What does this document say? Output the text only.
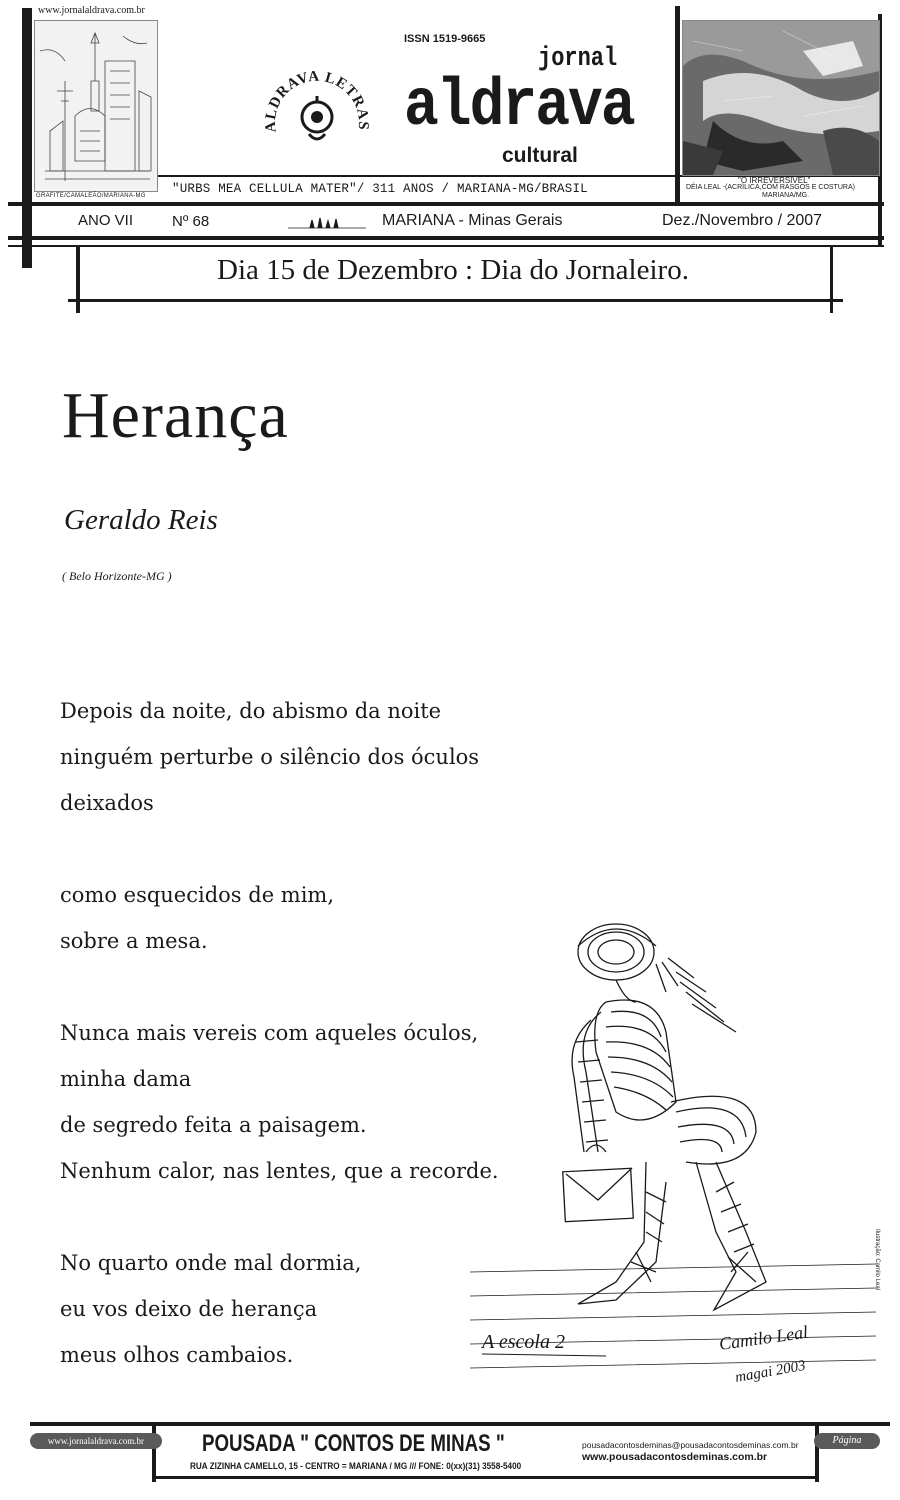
www.jornalaldrava.com.br
GRAFITE/CAMALEÃO/MARIANA-MG
ISSN 1519-9665
ALDRAVA LETRAS
jornal
aldrava
cultural
"O IRREVERSÍVEL"
DÉIA LEAL -(ACRÍLICA,COM RASGOS E COSTURA)
MARIANA/MG.
"URBS MEA CELLULA MATER"/ 311 ANOS / MARIANA-MG/BRASIL
ANO VII	Nº 68	MARIANA - Minas Gerais	Dez./Novembro / 2007
Dia 15 de Dezembro : Dia do Jornaleiro.
Herança
Geraldo Reis
( Belo Horizonte-MG )
Depois da noite, do abismo da noite
ninguém perturbe o silêncio dos óculos
deixados
como esquecidos de mim,
sobre a mesa.
Nunca mais vereis com aqueles óculos,
minha dama
de segredo feita a paisagem.
Nenhum calor, nas lentes, que a recorde.
No quarto onde mal dormia,
eu vos deixo de herança
meus olhos cambaios.
A escola 2	Camilo Leal
magai 2003
Ilustração: Camilo Leal
www.jornalaldrava.com.br	POUSADA " CONTOS DE MINAS "
RUA ZIZINHA CAMELLO, 15 - CENTRO = MARIANA / MG /// FONE: 0(xx)(31) 3558-5400
pousadacontosdeminas@pousadacontosdeminas.com.br
www.pousadacontosdeminas.com.br
Página
